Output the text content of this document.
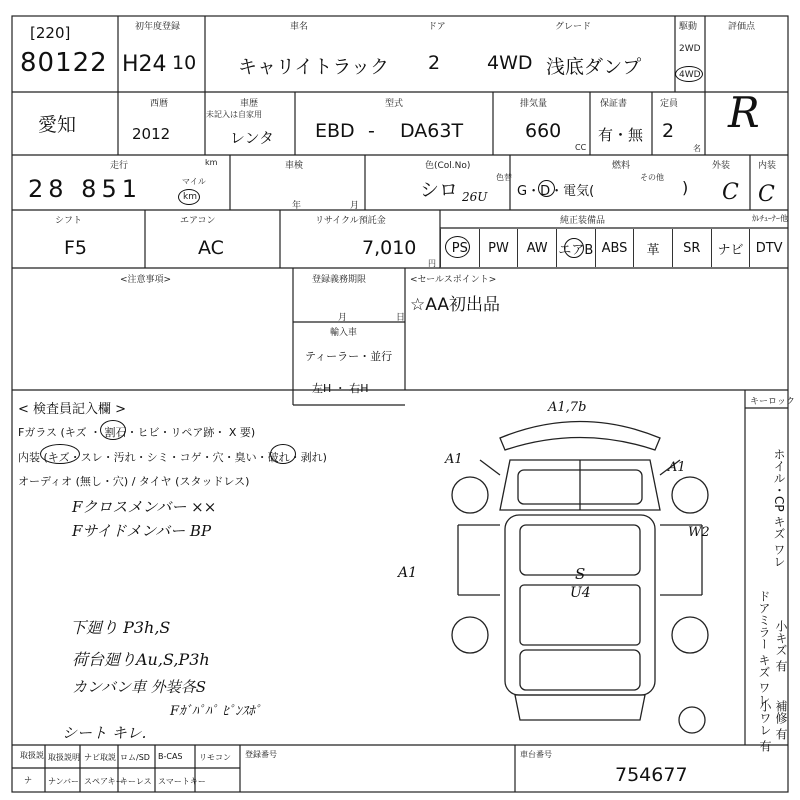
[220]
80122
初年度登録
H24 10
車名
キャリイトラック
ドア
2
グレード
4WD 浅底ダンプ
駆動
2WD
4WD
評価点
R
愛知
西暦
2012
車歴
未記入は自家用
レンタ
型式
EBD - DA63T
排気量
660
CC
保証書
有・無
定員
2
名
走行	km
28 851	マイル
km
車検
年	月
色(Col.No)
シロ 26U
色替
燃料
G・D・電気(
その他
)
外装
C
内装
C
シフト
F5
エアコン
AC
リサイクル預託金
7,010
円
純正装備品	ｶﾚﾁｭｰﾅｰ他
PS	PW	AW エアB ABS	革	SR	ナビ DTV
<注意事項>	登録義務期限
月	日
輸入車
ティーラー・並行
左H ・ 右H
<セールスポイント>
☆AA初出品
< 検査員記入欄 >
Fガラス (キズ ・ 割石・ヒビ・リペア跡・ X 要)
内装 (キズ・スレ・汚れ・シミ・コゲ・穴・臭い・破れ・剥れ)
オーディオ (無し・穴) / タイヤ (スタッドレス)
Fクロスメンバー ××
Fサイドメンバー BP
下廻り P3h,S
荷台廻りAu,S,P3h
カンバン車 外装各S
Fｶﾞﾊﾟﾊﾟ ﾋﾟﾝｽﾎﾟ
シート キレ.
A1,7b
A1
A1
A1
W2
S
U4
キーロック
ホイル・CP キズ ワレ
ドアミラー キズ ワレ 小キズ 有
小ワレ 有 補修 有
取扱説
ナ
取扱説明 ナビ取説 ロム/SD B-CAS リモコン
ナンバー スペアキー
キーレス スマートキー
登録番号	車台番号
754677
